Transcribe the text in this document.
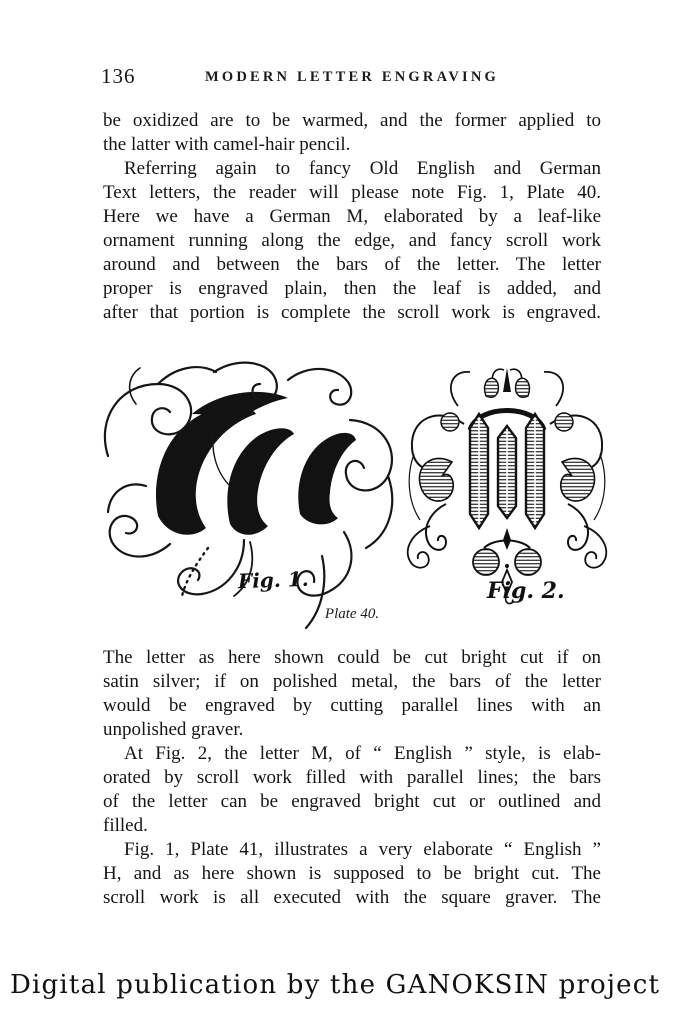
136	MODERN LETTER ENGRAVING
be oxidized are to be warmed, and the former applied to
the latter with camel-hair pencil.
Referring again to fancy Old English and German
Text letters, the reader will please note Fig. 1, Plate 40.
Here we have a German M, elaborated by a leaf-like
ornament running along the edge, and fancy scroll work
around and between the bars of the letter. The letter
proper is engraved plain, then the leaf is added, and
after that portion is complete the scroll work is engraved.
Fig. 1.	Fig. 2.
Plate 40.
The letter as here shown could be cut bright cut if on
satin silver; if on polished metal, the bars of the letter
would be engraved by cutting parallel lines with an
unpolished graver.
At Fig. 2, the letter M, of “ English ” style, is elab-
orated by scroll work filled with parallel lines; the bars
of the letter can be engraved bright cut or outlined and
filled.
Fig. 1, Plate 41, illustrates a very elaborate “ English ”
H, and as here shown is supposed to be bright cut. The
scroll work is all executed with the square graver. The
Digital publication by the GANOKSIN project
